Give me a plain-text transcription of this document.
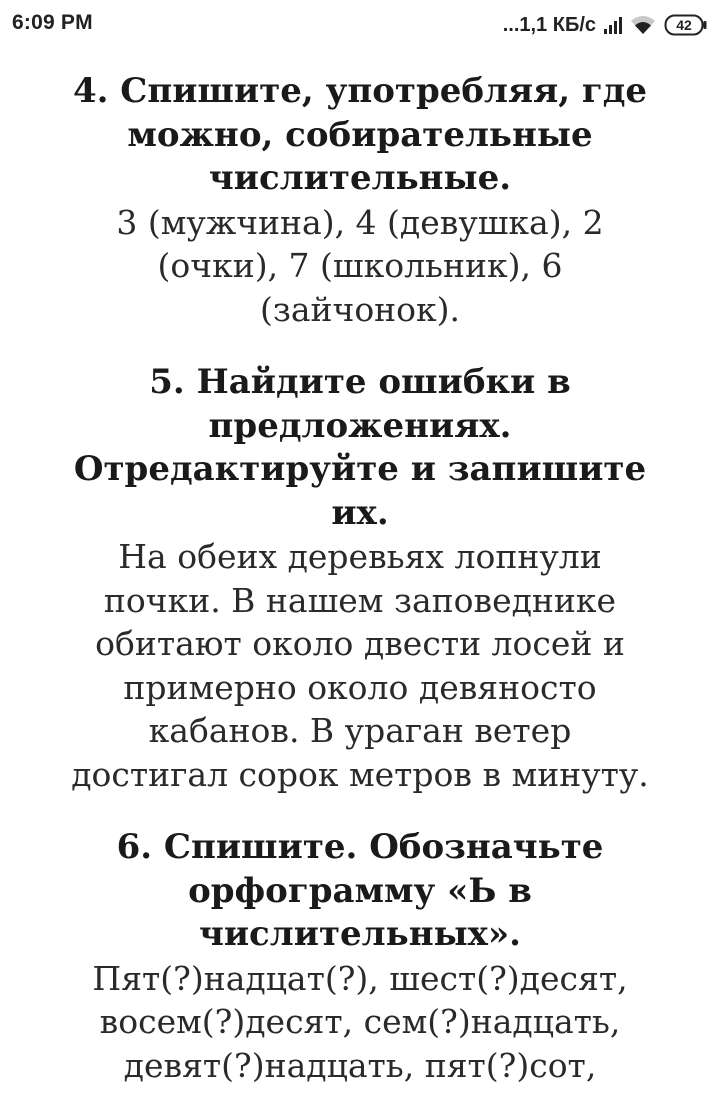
6:09 PM	...1,1 КБ/с	42
4. Спишите, употребляя, где
можно, собирательные
числительные.
3 (мужчина), 4 (девушка), 2
(очки), 7 (школьник), 6
(зайчонок).
5. Найдите ошибки в
предложениях.
Отредактируйте и запишите
их.
На обеих деревьях лопнули
почки. В нашем заповеднике
обитают около двести лосей и
примерно около девяносто
кабанов. В ураган ветер
достигал сорок метров в минуту.
6. Спишите. Обозначьте
орфограмму «Ь в
числительных».
Пят(?)надцат(?), шест(?)десят,
восем(?)десят, сем(?)надцать,
девят(?)надцать, пят(?)сот,
